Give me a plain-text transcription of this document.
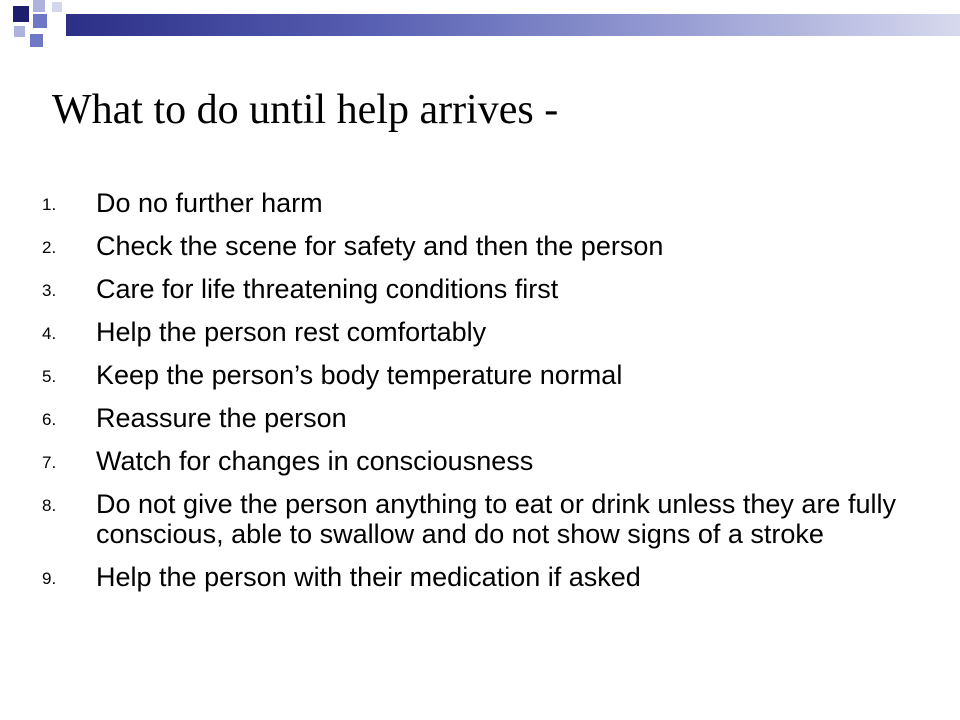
What to do until help arrives -
1. Do no further harm
2. Check the scene for safety and then the person
3. Care for life threatening conditions first
4. Help the person rest comfortably
5. Keep the person’s body temperature normal
6. Reassure the person
7. Watch for changes in consciousness
8. Do not give the person anything to eat or drink unless they are fully conscious, able to swallow and do not show signs of a stroke
9. Help the person with their medication if asked
